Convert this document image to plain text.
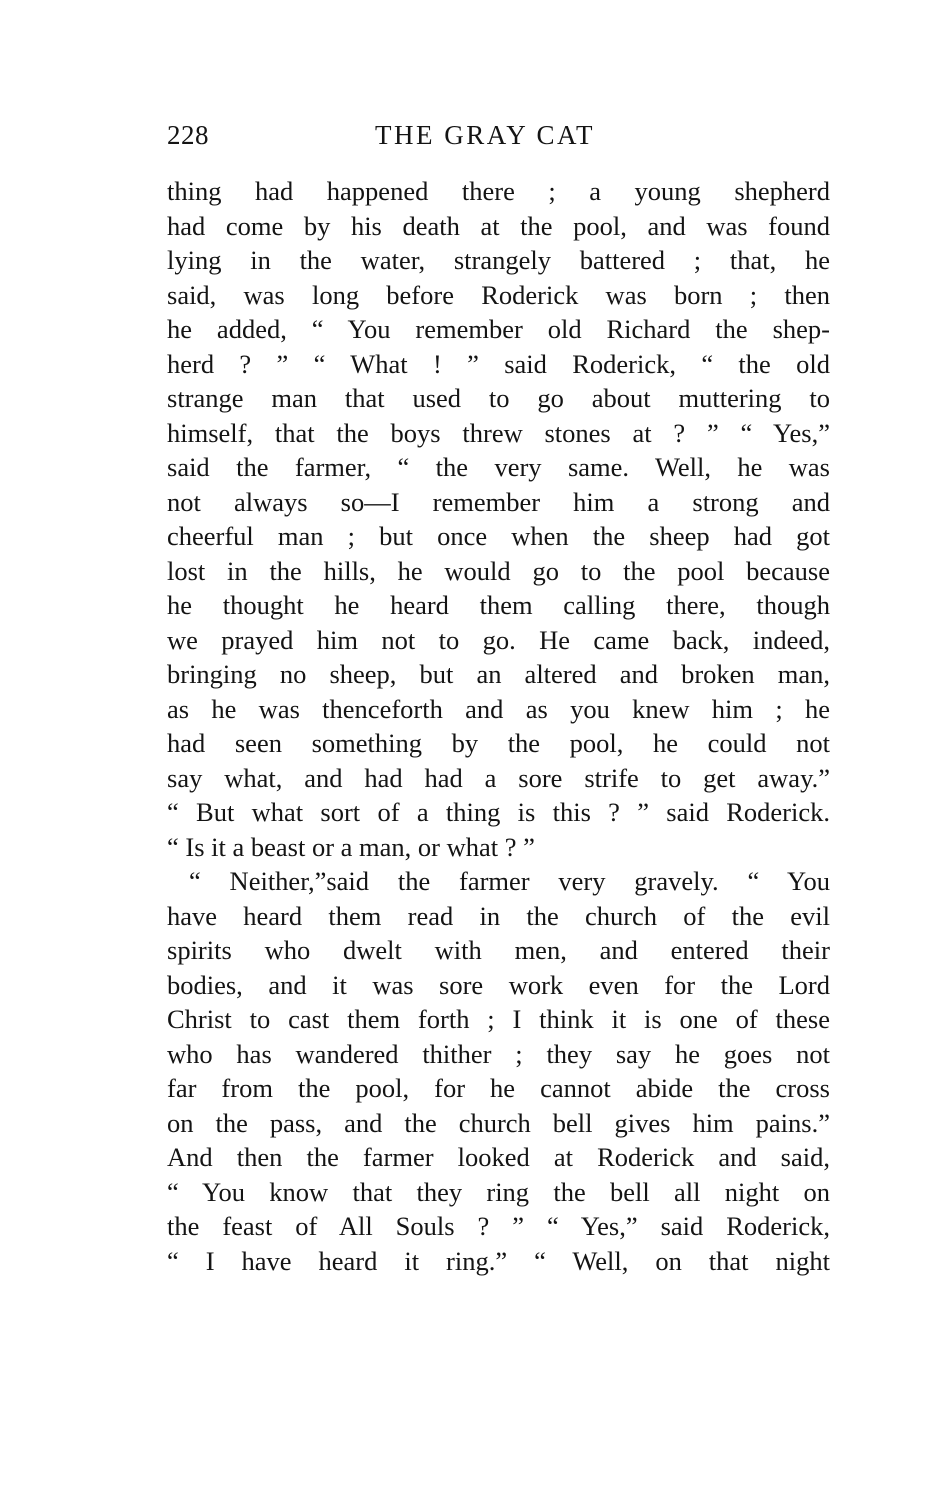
228	THE GRAY CAT
thing had happened there ; a young shepherd
had come by his death at the pool, and was found
lying in the water, strangely battered ; that, he
said, was long before Roderick was born ; then
he added, “ You remember old Richard the shep-
herd ? ” “ What ! ” said Roderick, “ the old
strange man that used to go about muttering to
himself, that the boys threw stones at ? ” “ Yes,”
said the farmer, “ the very same. Well, he was
not always so—I remember him a strong and
cheerful man ; but once when the sheep had got
lost in the hills, he would go to the pool because
he thought he heard them calling there, though
we prayed him not to go. He came back, indeed,
bringing no sheep, but an altered and broken man,
as he was thenceforth and as you knew him ; he
had seen something by the pool, he could not
say what, and had had a sore strife to get away.”
“ But what sort of a thing is this ? ” said Roderick.
“ Is it a beast or a man, or what ? ”
“ Neither,”said the farmer very gravely. “ You
have heard them read in the church of the evil
spirits who dwelt with men, and entered their
bodies, and it was sore work even for the Lord
Christ to cast them forth ; I think it is one of these
who has wandered thither ; they say he goes not
far from the pool, for he cannot abide the cross
on the pass, and the church bell gives him pains.”
And then the farmer looked at Roderick and said,
“ You know that they ring the bell all night on
the feast of All Souls ? ” “ Yes,” said Roderick,
“ I have heard it ring.” “ Well, on that night
